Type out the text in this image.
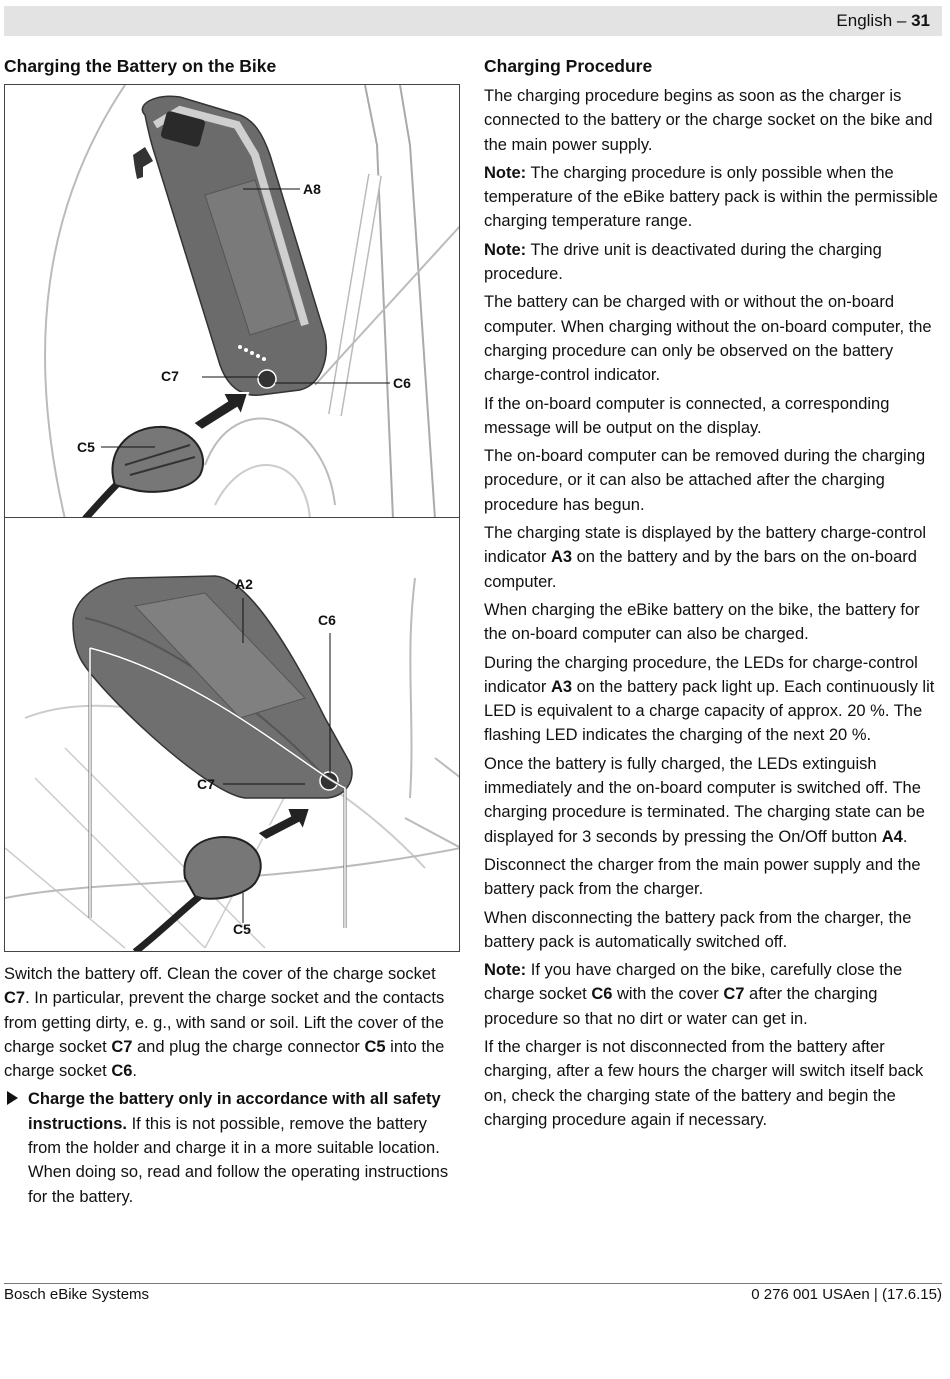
English – 31
Charging the Battery on the Bike
A8
C7	C6
C5
A2
C6
C7
C5

Switch the battery off. Clean the cover of the charge socket C7. In particular, prevent the charge socket and the contacts from getting dirty, e. g., with sand or soil. Lift the cover of the charge socket C7 and plug the charge connector C5 into the charge socket C6.

Charge the battery only in accordance with all safety instructions. If this is not possible, remove the battery from the holder and charge it in a more suitable location. When doing so, read and follow the operating instructions for the battery.

Charging Procedure

The charging procedure begins as soon as the charger is connected to the battery or the charge socket on the bike and the main power supply.

Note: The charging procedure is only possible when the temperature of the eBike battery pack is within the permissible charging temperature range.

Note: The drive unit is deactivated during the charging procedure.

The battery can be charged with or without the on-board computer. When charging without the on-board computer, the charging procedure can only be observed on the battery charge-control indicator.

If the on-board computer is connected, a corresponding message will be output on the display.

The on-board computer can be removed during the charging procedure, or it can also be attached after the charging procedure has begun.

The charging state is displayed by the battery charge-control indicator A3 on the battery and by the bars on the on-board computer.

When charging the eBike battery on the bike, the battery for the on-board computer can also be charged.

During the charging procedure, the LEDs for charge-control indicator A3 on the battery pack light up. Each continuously lit LED is equivalent to a charge capacity of approx. 20 %. The flashing LED indicates the charging of the next 20 %.

Once the battery is fully charged, the LEDs extinguish immediately and the on-board computer is switched off. The charging procedure is terminated. The charging state can be displayed for 3 seconds by pressing the On/Off button A4.

Disconnect the charger from the main power supply and the battery pack from the charger.

When disconnecting the battery pack from the charger, the battery pack is automatically switched off.

Note: If you have charged on the bike, carefully close the charge socket C6 with the cover C7 after the charging procedure so that no dirt or water can get in.

If the charger is not disconnected from the battery after charging, after a few hours the charger will switch itself back on, check the charging state of the battery and begin the charging procedure again if necessary.

Bosch eBike Systems	0 276 001 USAen | (17.6.15)
